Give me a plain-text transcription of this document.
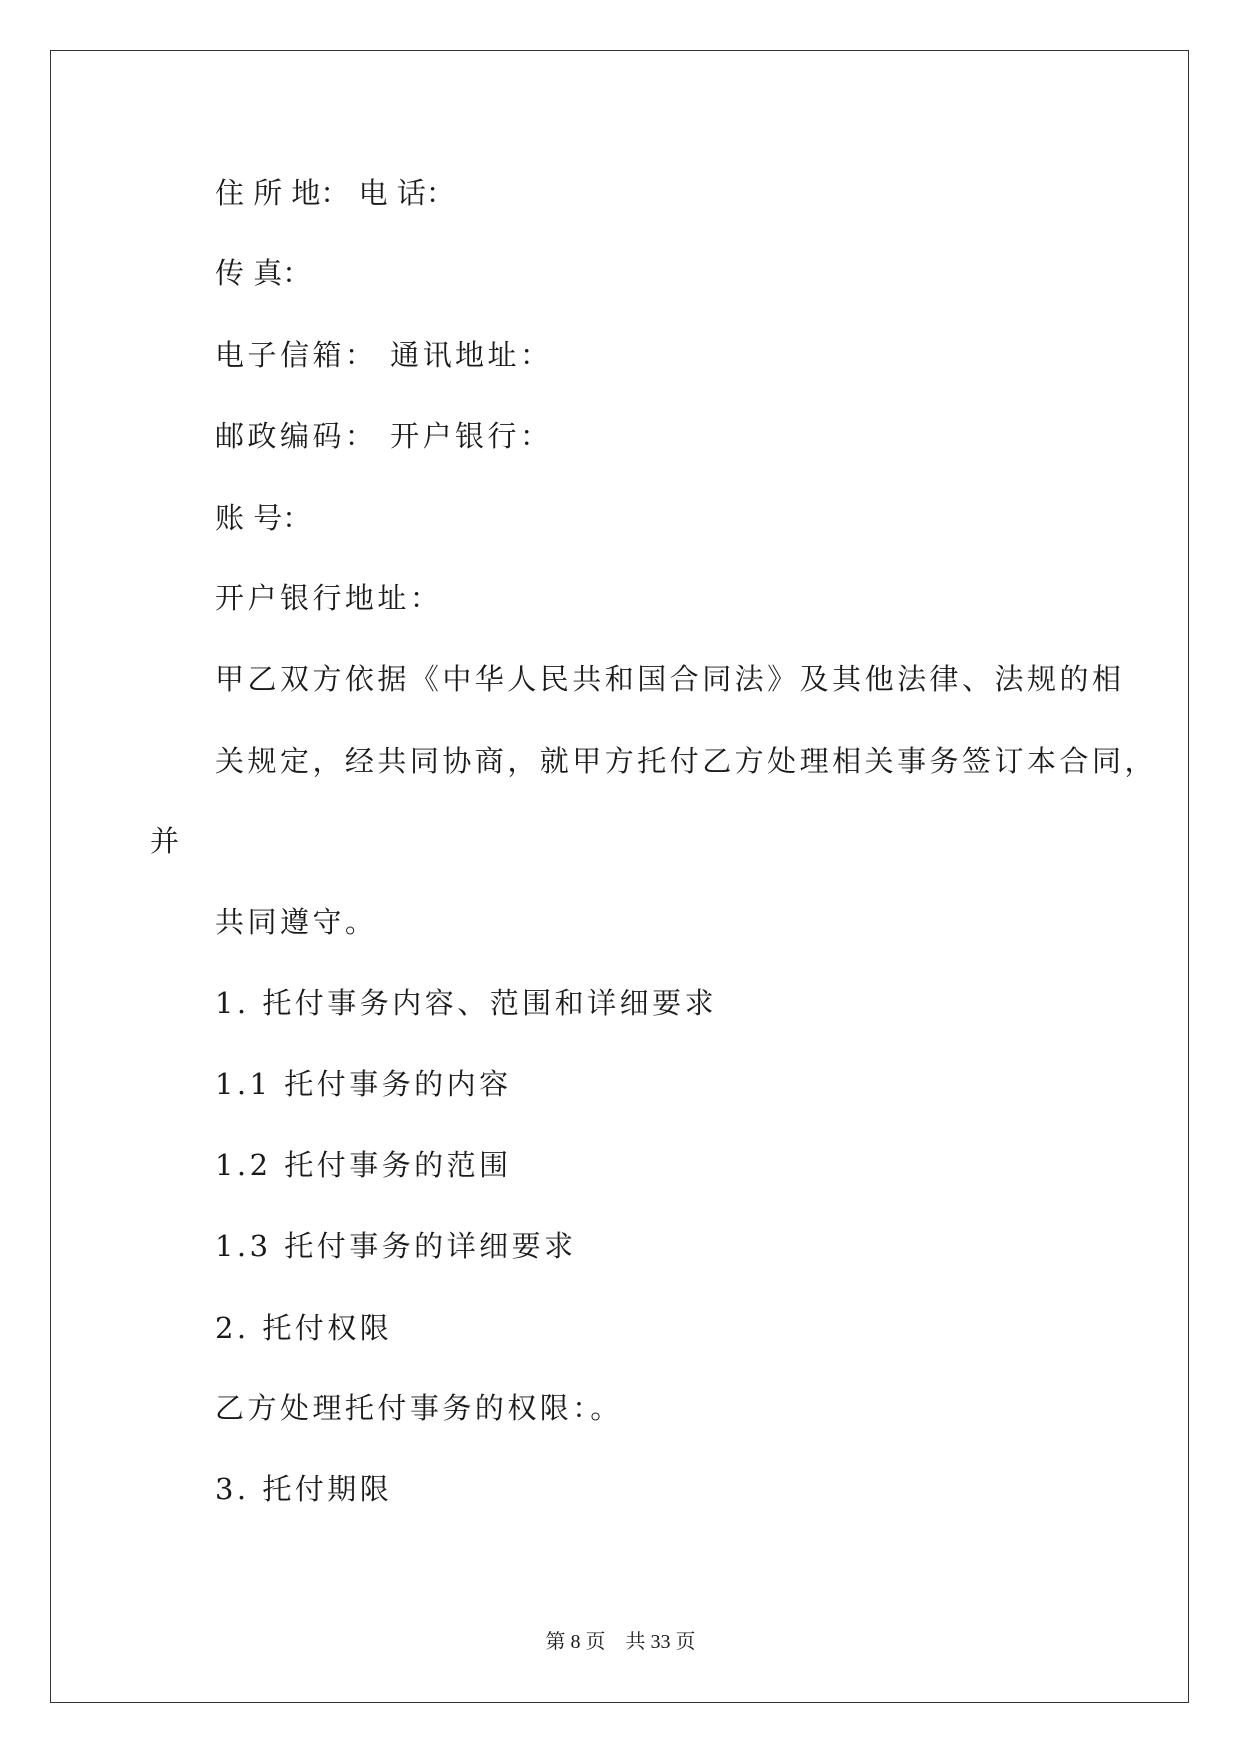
住 所 地： 电 话：
传 真：
电子信箱： 通讯地址：
邮政编码： 开户银行：
账 号：
开户银行地址：
甲乙双方依据《中华人民共和国合同法》及其他法律、法规的相
关规定，经共同协商，就甲方托付乙方处理相关事务签订本合同，
并
共同遵守。
1. 托付事务内容、范围和详细要求
1.1 托付事务的内容
1.2 托付事务的范围
1.3 托付事务的详细要求
2. 托付权限
乙方处理托付事务的权限：。
3. 托付期限
第 8 页    共 33 页
